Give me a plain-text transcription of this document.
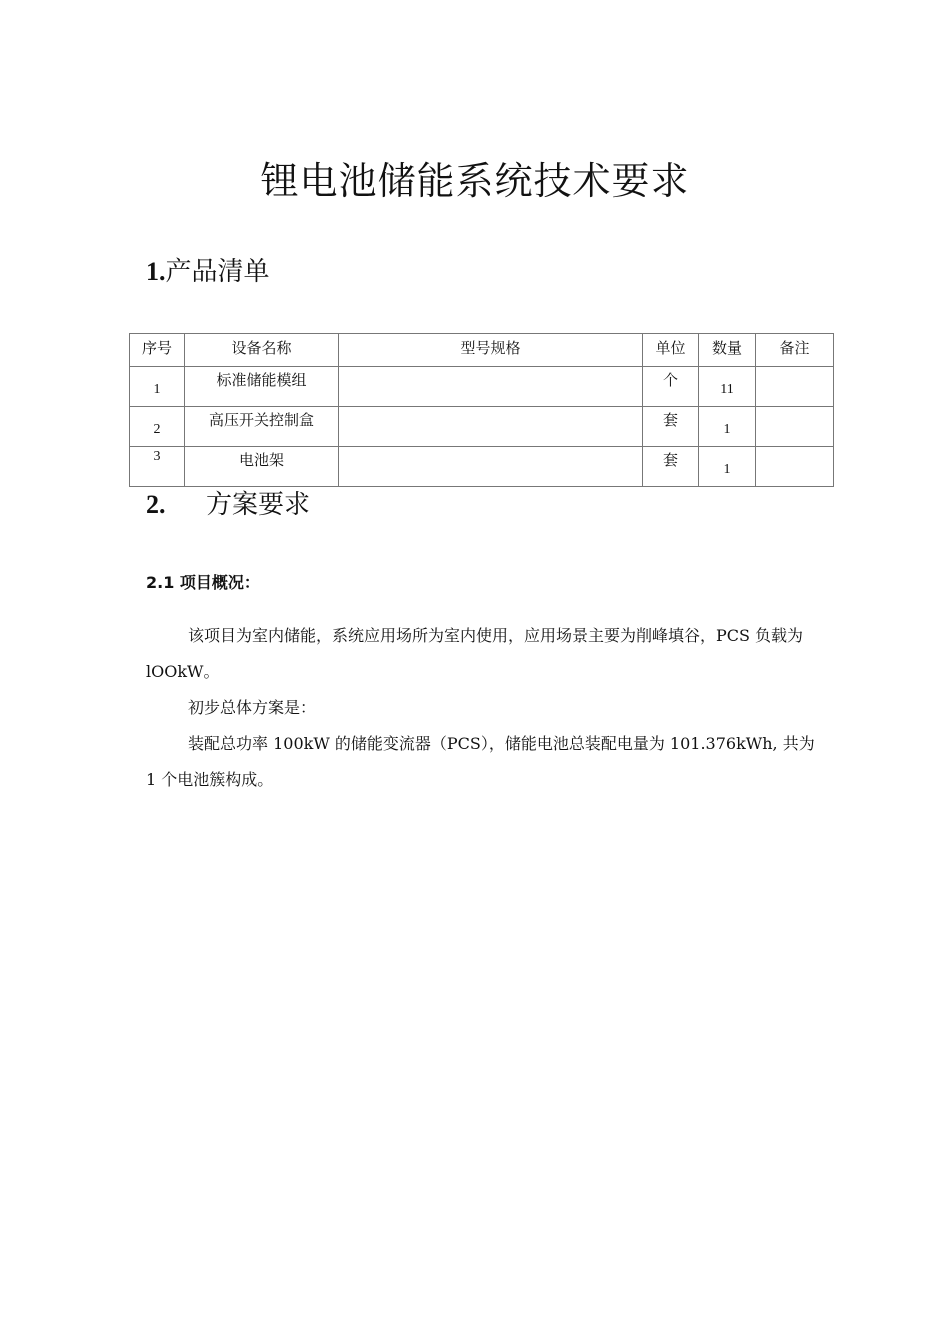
锂电池储能系统技术要求
1.产品清单
序号	设备名称	型号规格	单位	数量	备注
1	标准储能模组		个	11	
2	高压开关控制盒		套	1	
3	电池架		套	1	
2. 方案要求
2.1 项目概况：

该项目为室内储能，系统应用场所为室内使用，应用场景主要为削峰填谷，PCS 负载为 lOOkW。

初步总体方案是：

装配总功率 100kW 的储能变流器（PCS），储能电池总装配电量为 101.376kWh, 共为 1 个电池簇构成。
